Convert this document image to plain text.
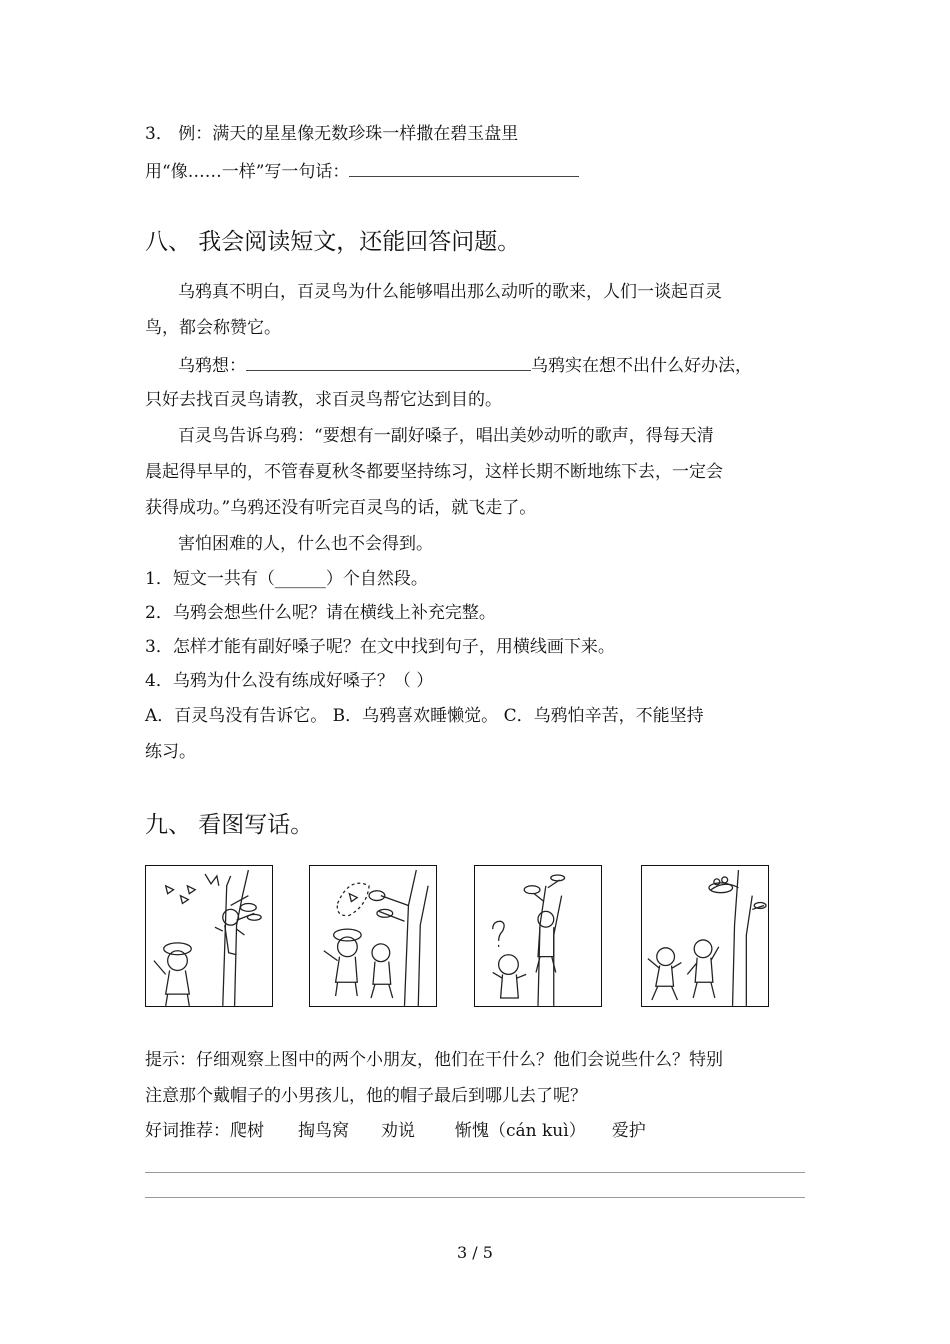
3． 例：满天的星星像无数珍珠一样撒在碧玉盘里
用“像……一样”写一句话：
八、 我会阅读短文，还能回答问题。
乌鸦真不明白，百灵鸟为什么能够唱出那么动听的歌来，人们一谈起百灵
鸟，都会称赞它。
乌鸦想：	乌鸦实在想不出什么好办法，
只好去找百灵鸟请教，求百灵鸟帮它达到目的。
百灵鸟告诉乌鸦：“要想有一副好嗓子，唱出美妙动听的歌声，得每天清
晨起得早早的，不管春夏秋冬都要坚持练习，这样长期不断地练下去，一定会
获得成功。”乌鸦还没有听完百灵鸟的话，就飞走了。
害怕困难的人，什么也不会得到。
1．短文一共有（______）个自然段。
2．乌鸦会想些什么呢？请在横线上补充完整。
3．怎样才能有副好嗓子呢？在文中找到句子，用横线画下来。
4．乌鸦为什么没有练成好嗓子？（ ）
A．百灵鸟没有告诉它。 B．乌鸦喜欢睡懒觉。 C．乌鸦怕辛苦，不能坚持
练习。
九、 看图写话。
提示：仔细观察上图中的两个小朋友，他们在干什么？他们会说些什么？特别
注意那个戴帽子的小男孩儿，他的帽子最后到哪儿去了呢？
好词推荐：爬树 掏鸟窝 劝说 惭愧（cán kuì） 爱护
3 / 5
